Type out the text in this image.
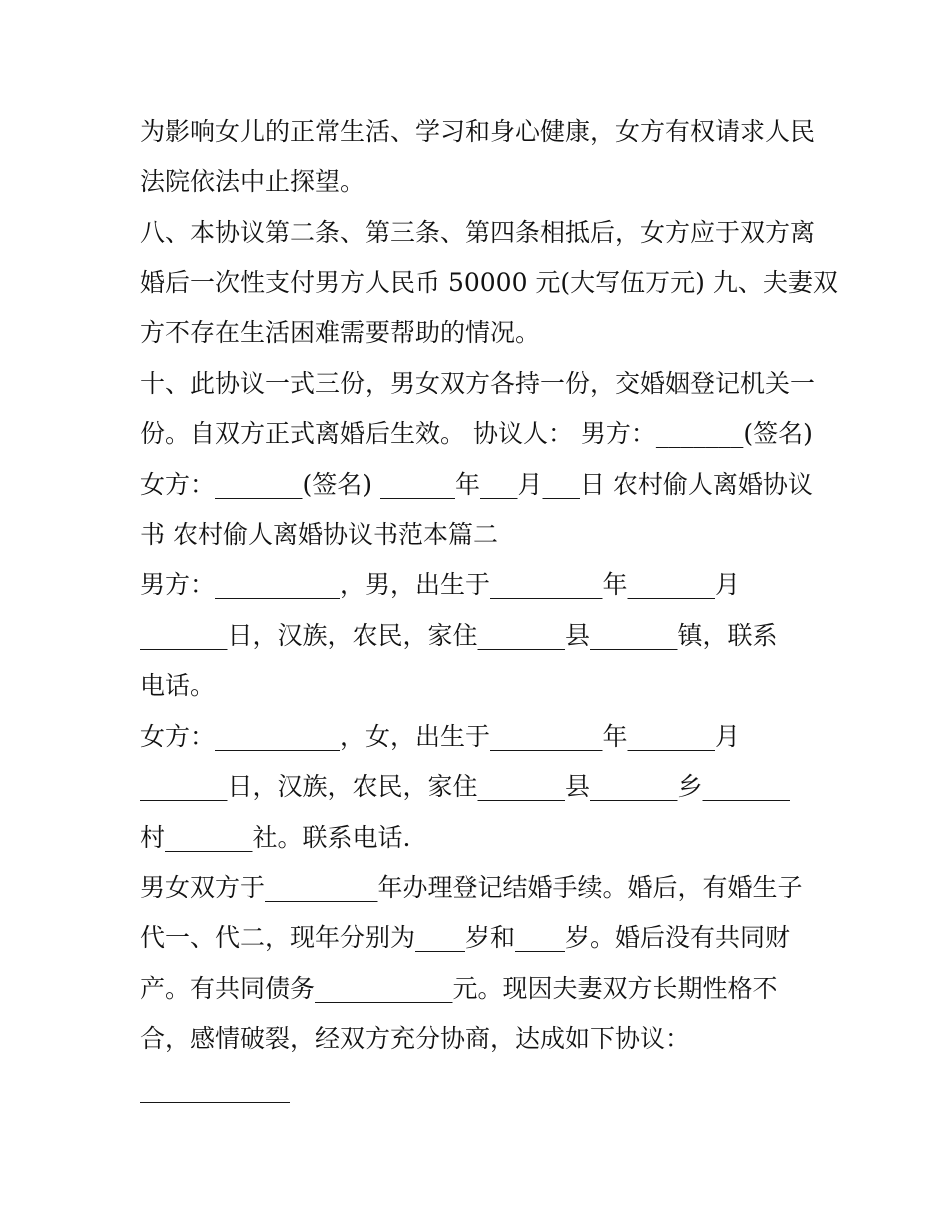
为影响女儿的正常生活、学习和身心健康，女方有权请求人民
法院依法中止探望。
八、本协议第二条、第三条、第四条相抵后，女方应于双方离
婚后一次性支付男方人民币 50000 元(大写伍万元) 九、夫妻双
方不存在生活困难需要帮助的情况。
十、此协议一式三份，男女双方各持一份，交婚姻登记机关一
份。自双方正式离婚后生效。 协议人： 男方：_______(签名)
女方：_______(签名) ______年___月___日 农村偷人离婚协议
书 农村偷人离婚协议书范本篇二
男方：__________，男，出生于_________年_______月
_______日，汉族，农民，家住_______县_______镇，联系
电话。
女方：__________，女，出生于_________年_______月
_______日，汉族，农民，家住_______县_______乡_______
村_______社。联系电话.
男女双方于_________年办理登记结婚手续。婚后，有婚生子
代一、代二，现年分别为____岁和____岁。婚后没有共同财
产。有共同债务___________元。现因夫妻双方长期性格不
合，感情破裂，经双方充分协商，达成如下协议：
____________
